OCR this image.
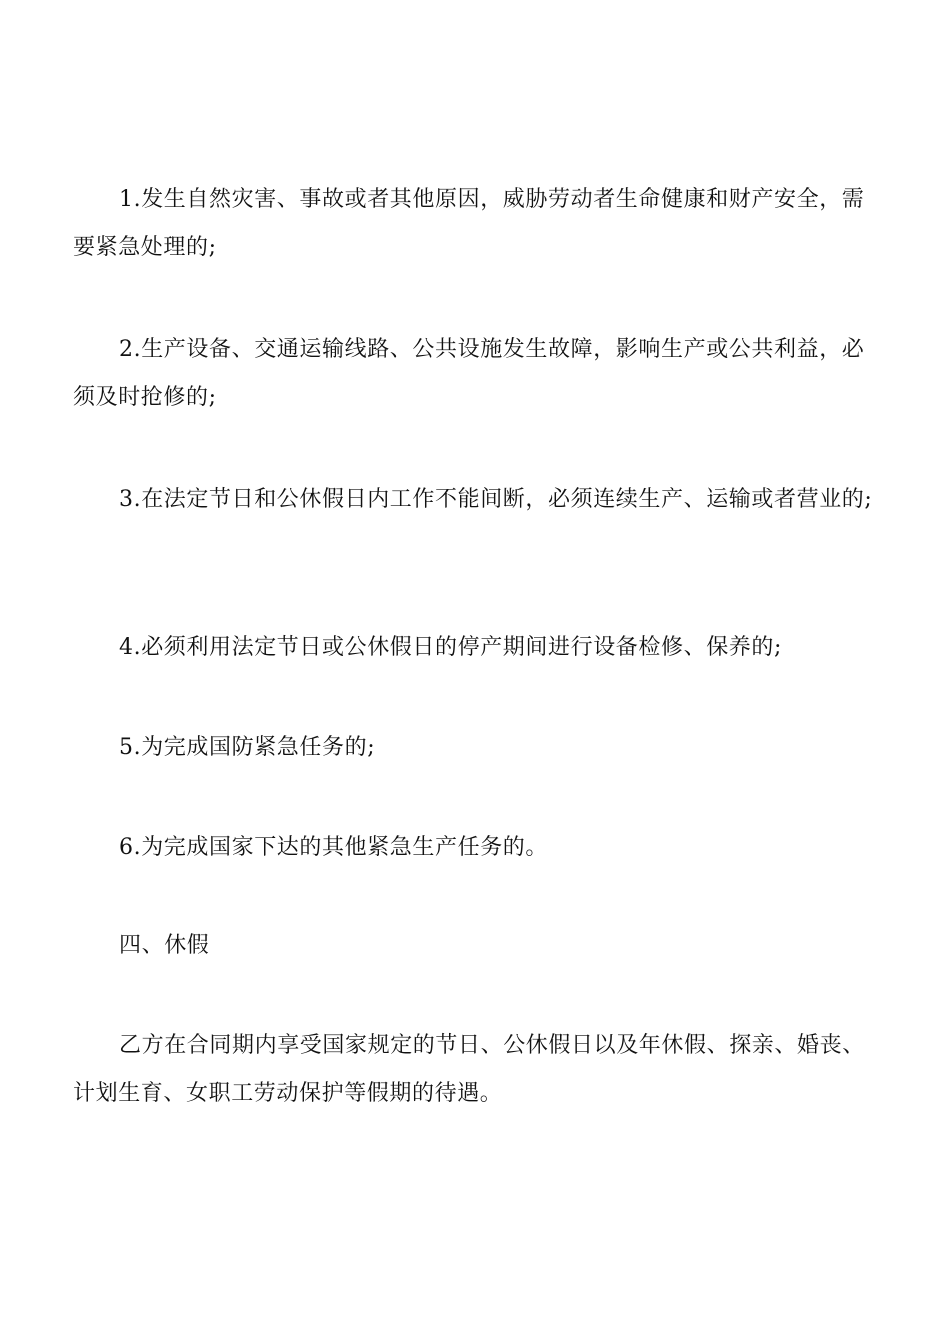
1.发生自然灾害、事故或者其他原因，威胁劳动者生命健康和财产安全，需要紧急处理的;

2.生产设备、交通运输线路、公共设施发生故障，影响生产或公共利益，必须及时抢修的;

3.在法定节日和公休假日内工作不能间断，必须连续生产、运输或者营业的;

4.必须利用法定节日或公休假日的停产期间进行设备检修、保养的;

5.为完成国防紧急任务的;

6.为完成国家下达的其他紧急生产任务的。

四、休假

乙方在合同期内享受国家规定的节日、公休假日以及年休假、探亲、婚丧、计划生育、女职工劳动保护等假期的待遇。
